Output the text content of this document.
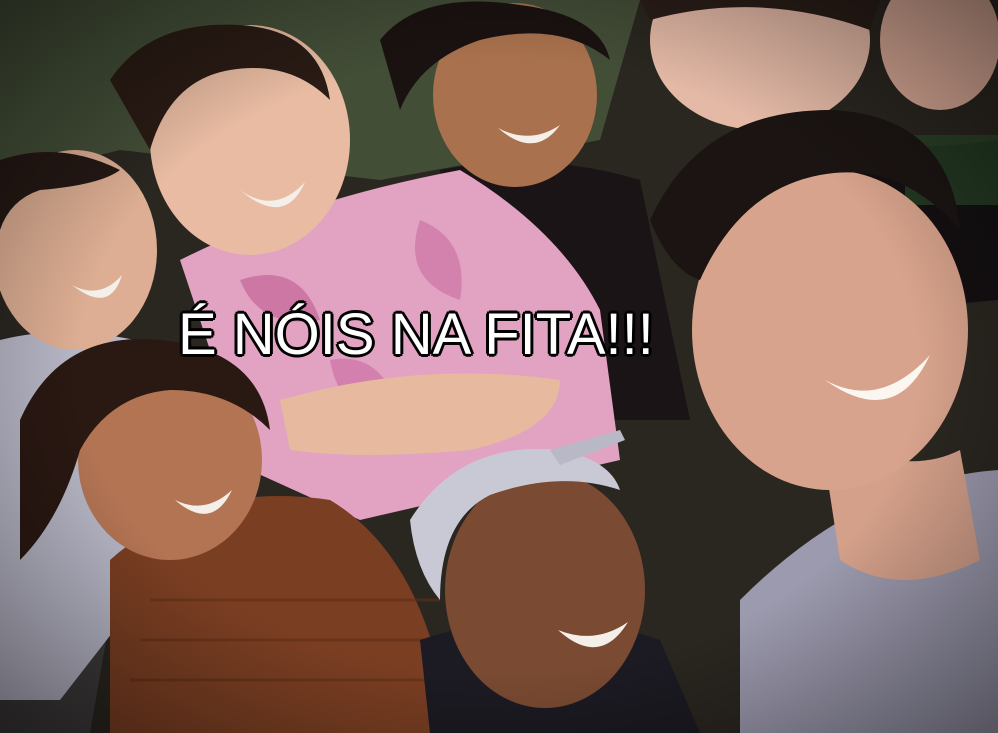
É NÓIS NA FITA!!!
